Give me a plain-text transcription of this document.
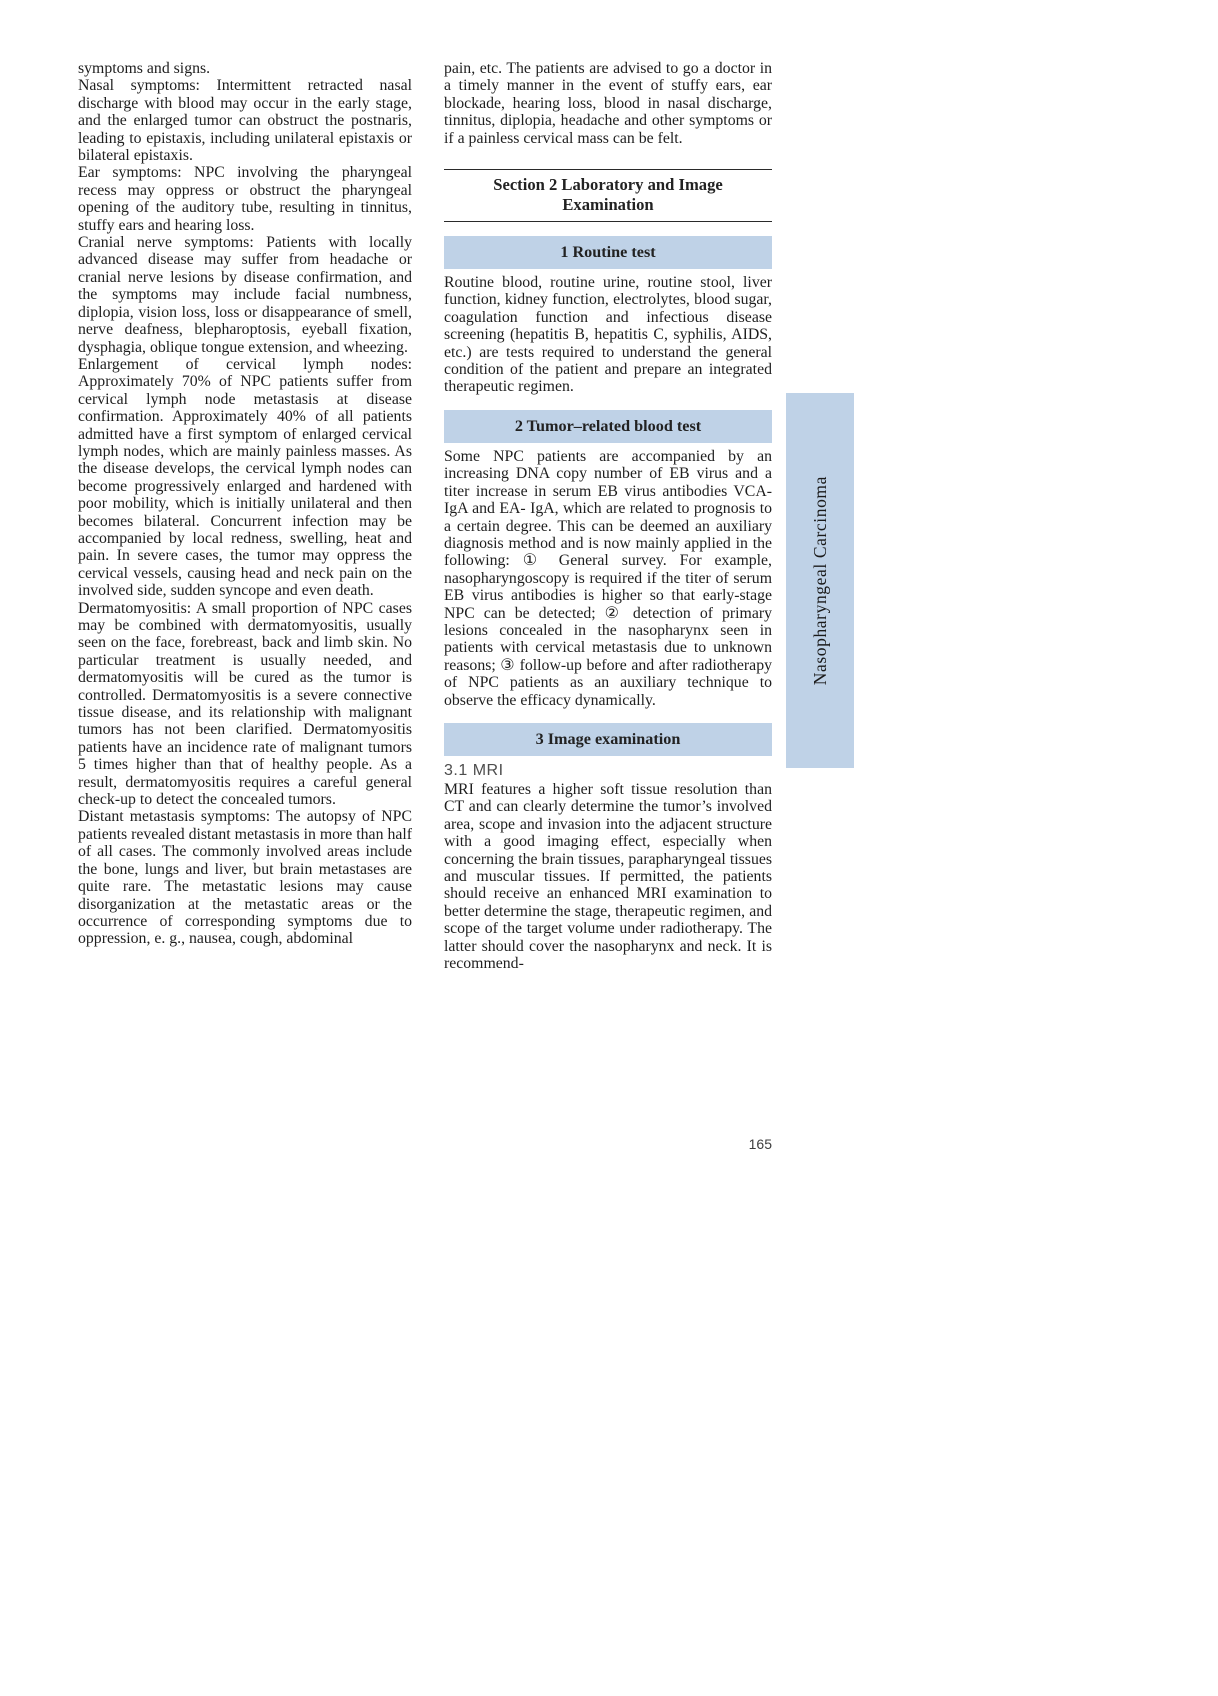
symptoms and signs.

Nasal symptoms: Intermittent retracted nasal discharge with blood may occur in the early stage, and the enlarged tumor can obstruct the postnaris, leading to epistaxis, including unilateral epistaxis or bilateral epistaxis.

Ear symptoms: NPC involving the pharyngeal recess may oppress or obstruct the pharyngeal opening of the auditory tube, resulting in tinnitus, stuffy ears and hearing loss.

Cranial nerve symptoms: Patients with locally advanced disease may suffer from headache or cranial nerve lesions by disease confirmation, and the symptoms may include facial numbness, diplopia, vision loss, loss or disappearance of smell, nerve deafness, blepharoptosis, eyeball fixation, dysphagia, oblique tongue extension, and wheezing.

Enlargement of cervical lymph nodes: Approximately 70% of NPC patients suffer from cervical lymph node metastasis at disease confirmation. Approximately 40% of all patients admitted have a first symptom of enlarged cervical lymph nodes, which are mainly painless masses. As the disease develops, the cervical lymph nodes can become progressively enlarged and hardened with poor mobility, which is initially unilateral and then becomes bilateral. Concurrent infection may be accompanied by local redness, swelling, heat and pain. In severe cases, the tumor may oppress the cervical vessels, causing head and neck pain on the involved side, sudden syncope and even death.

Dermatomyositis: A small proportion of NPC cases may be combined with dermatomyositis, usually seen on the face, forebreast, back and limb skin. No particular treatment is usually needed, and dermatomyositis will be cured as the tumor is controlled. Dermatomyositis is a severe connective tissue disease, and its relationship with malignant tumors has not been clarified. Dermatomyositis patients have an incidence rate of malignant tumors 5 times higher than that of healthy people. As a result, dermatomyositis requires a careful general check-up to detect the concealed tumors.

Distant metastasis symptoms: The autopsy of NPC patients revealed distant metastasis in more than half of all cases. The commonly involved areas include the bone, lungs and liver, but brain metastases are quite rare. The metastatic lesions may cause disorganization at the metastatic areas or the occurrence of corresponding symptoms due to oppression, e. g., nausea, cough, abdominal

pain, etc. The patients are advised to go a doctor in a timely manner in the event of stuffy ears, ear blockade, hearing loss, blood in nasal discharge, tinnitus, diplopia, headache and other symptoms or if a painless cervical mass can be felt.

Section 2 Laboratory and Image Examination
1 Routine test

Routine blood, routine urine, routine stool, liver function, kidney function, electrolytes, blood sugar, coagulation function and infectious disease screening (hepatitis B, hepatitis C, syphilis, AIDS, etc.) are tests required to understand the general condition of the patient and prepare an integrated therapeutic regimen.

2 Tumor–related blood test

Some NPC patients are accompanied by an increasing DNA copy number of EB virus and a titer increase in serum EB virus antibodies VCA-IgA and EA- IgA, which are related to prognosis to a certain degree. This can be deemed an auxiliary diagnosis method and is now mainly applied in the following: ① General survey. For example, nasopharyngoscopy is required if the titer of serum EB virus antibodies is higher so that early-stage NPC can be detected; ② detection of primary lesions concealed in the nasopharynx seen in patients with cervical metastasis due to unknown reasons; ③ follow-up before and after radiotherapy of NPC patients as an auxiliary technique to observe the efficacy dynamically.

3 Image examination
3.1 MRI

MRI features a higher soft tissue resolution than CT and can clearly determine the tumor’s involved area, scope and invasion into the adjacent structure with a good imaging effect, especially when concerning the brain tissues, parapharyngeal tissues and muscular tissues. If permitted, the patients should receive an enhanced MRI examination to better determine the stage, therapeutic regimen, and scope of the target volume under radiotherapy. The latter should cover the nasopharynx and neck. It is recommend-

Nasopharyngeal Carcinoma
165
